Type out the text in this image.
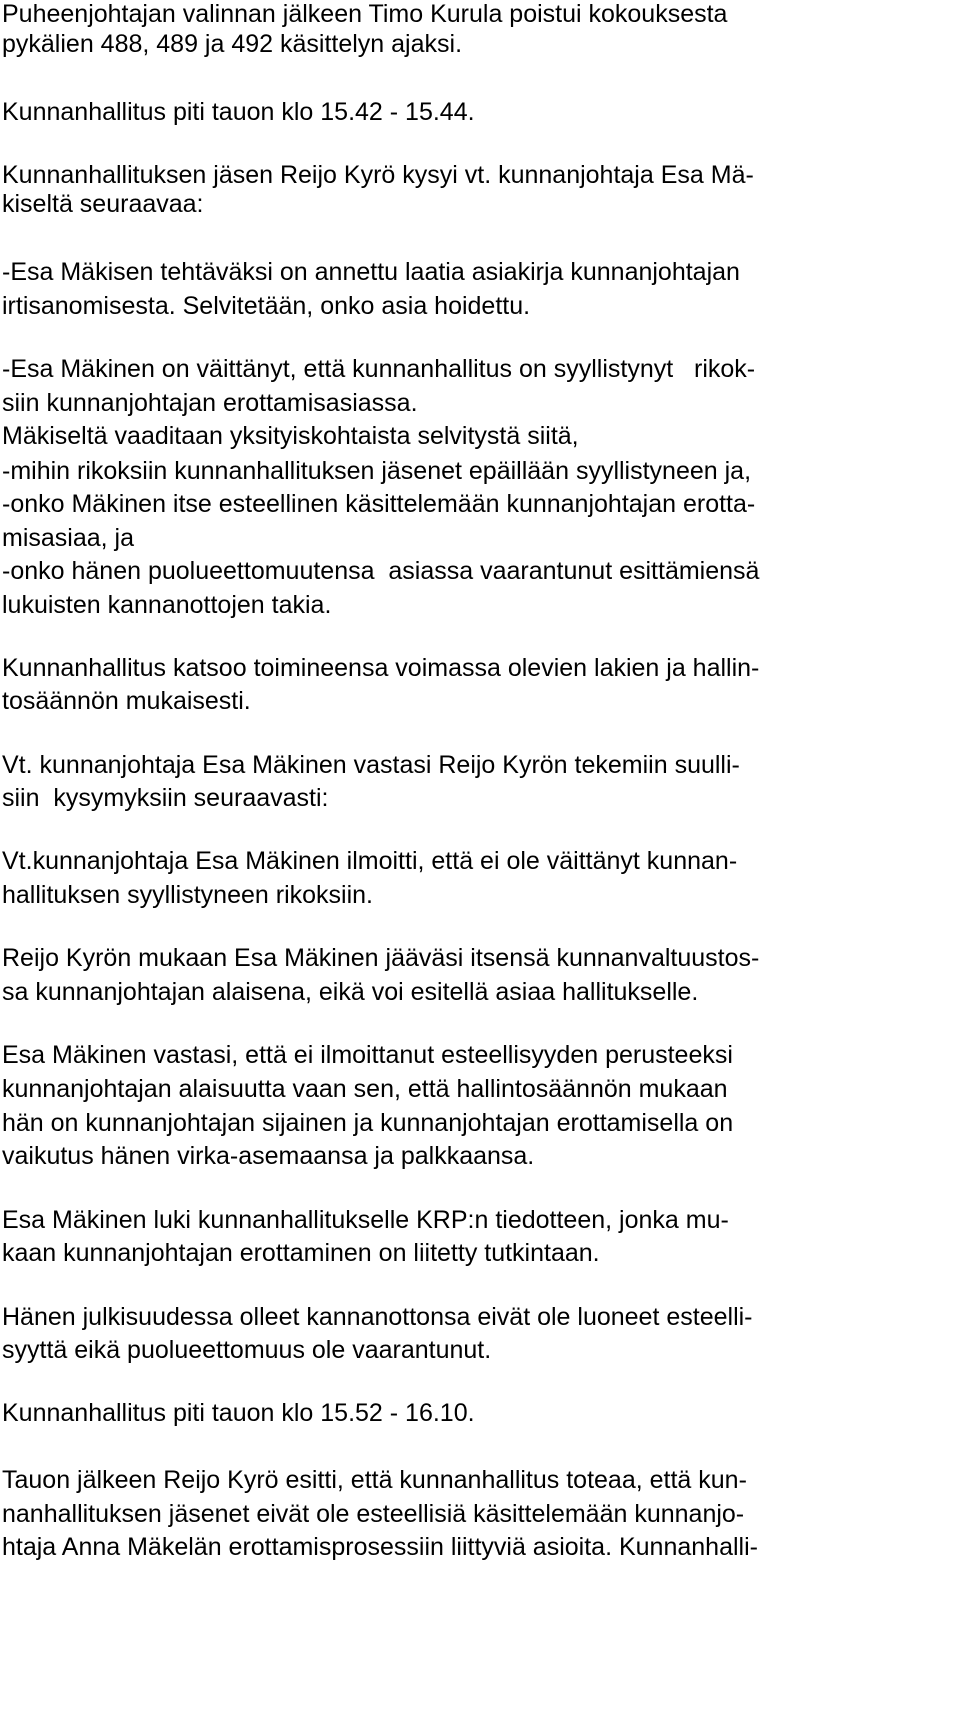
Puheenjohtajan valinnan jälkeen Timo Kurula poistui kokouksesta
pykälien 488, 489 ja 492 käsittelyn ajaksi.
Kunnanhallitus piti tauon klo 15.42 - 15.44.
Kunnanhallituksen jäsen Reijo Kyrö kysyi vt. kunnanjohtaja Esa Mä-
kiseltä seuraavaa:
-Esa Mäkisen tehtäväksi on annettu laatia asiakirja kunnanjohtajan
irtisanomisesta. Selvitetään, onko asia hoidettu.
-Esa Mäkinen on väittänyt, että kunnanhallitus on syyllistynyt   rikok-
siin kunnanjohtajan erottamisasiassa.
Mäkiseltä vaaditaan yksityiskohtaista selvitystä siitä,
-mihin rikoksiin kunnanhallituksen jäsenet epäillään syyllistyneen ja,
-onko Mäkinen itse esteellinen käsittelemään kunnanjohtajan erotta-
misasiaa, ja
-onko hänen puolueettomuutensa  asiassa vaarantunut esittämiensä
lukuisten kannanottojen takia.
Kunnanhallitus katsoo toimineensa voimassa olevien lakien ja hallin-
tosäännön mukaisesti.
Vt. kunnanjohtaja Esa Mäkinen vastasi Reijo Kyrön tekemiin suulli-
siin  kysymyksiin seuraavasti:
Vt.kunnanjohtaja Esa Mäkinen ilmoitti, että ei ole väittänyt kunnan-
hallituksen syyllistyneen rikoksiin.
Reijo Kyrön mukaan Esa Mäkinen jääväsi itsensä kunnanvaltuustos-
sa kunnanjohtajan alaisena, eikä voi esitellä asiaa hallitukselle.
Esa Mäkinen vastasi, että ei ilmoittanut esteellisyyden perusteeksi
kunnanjohtajan alaisuutta vaan sen, että hallintosäännön mukaan
hän on kunnanjohtajan sijainen ja kunnanjohtajan erottamisella on
vaikutus hänen virka-asemaansa ja palkkaansa.
Esa Mäkinen luki kunnanhallitukselle KRP:n tiedotteen, jonka mu-
kaan kunnanjohtajan erottaminen on liitetty tutkintaan.
Hänen julkisuudessa olleet kannanottonsa eivät ole luoneet esteelli-
syyttä eikä puolueettomuus ole vaarantunut.
Kunnanhallitus piti tauon klo 15.52 - 16.10.
Tauon jälkeen Reijo Kyrö esitti, että kunnanhallitus toteaa, että kun-
nanhallituksen jäsenet eivät ole esteellisiä käsittelemään kunnanjo-
htaja Anna Mäkelän erottamisprosessiin liittyviä asioita. Kunnanhalli-
